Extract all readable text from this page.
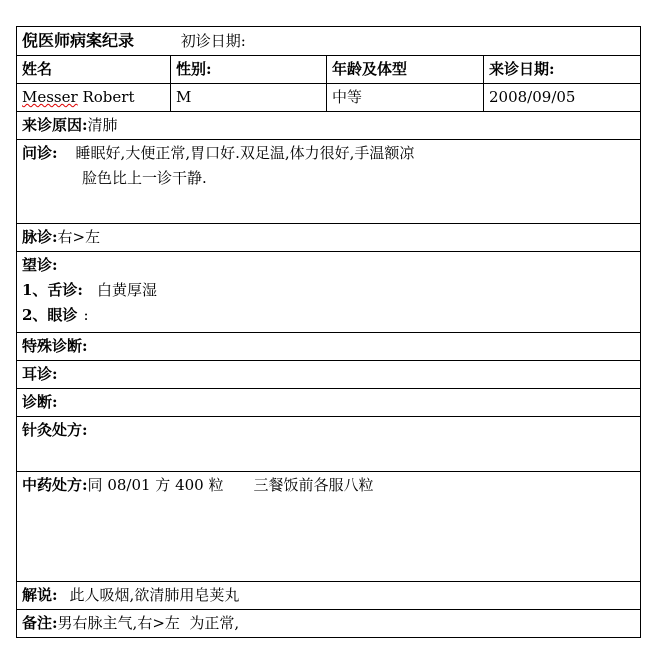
倪医师病案纪录 初诊日期:			
姓名	性别:	年龄及体型	来诊日期:
Messer Robert	M	中等	2008/09/05
来诊原因:清肺			

问诊: 睡眠好,大便正常,胃口好.双足温,体力很好,手温额凉
脸色比上一诊干静.			

脉诊:右>左			

望诊:
1、舌诊: 白黄厚湿
2、眼诊 :			

特殊诊断:			
耳诊:			
诊断:			
针灸处方:			
中药处方:同 08/01 方 400 粒 三餐饭前各服八粒			
解说: 此人吸烟,欲清肺用皂荚丸			
备注:男右脉主气,右>左  为正常,			
